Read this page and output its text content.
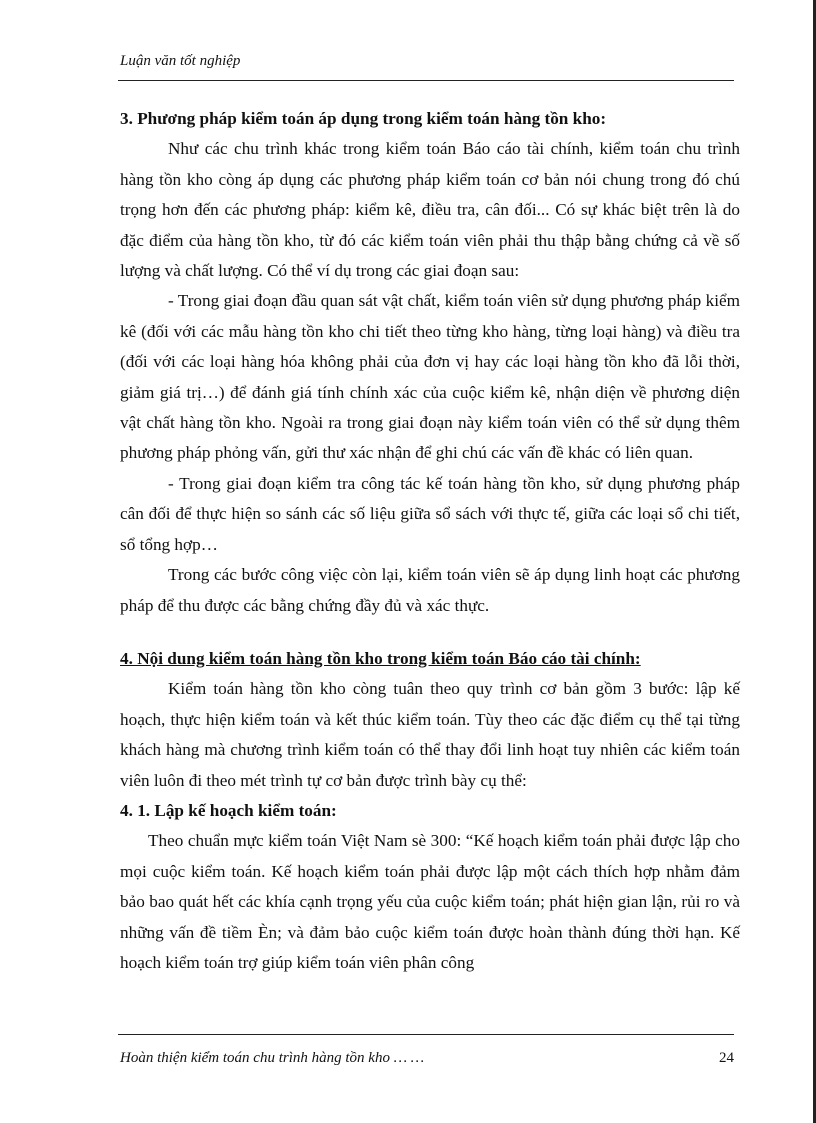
Luận văn tốt nghiệp

3. Phương pháp kiểm toán áp dụng trong kiểm toán hàng tồn kho:

Như các chu trình khác trong kiểm toán Báo cáo tài chính, kiểm toán chu trình hàng tồn kho còng áp dụng các phương pháp kiểm toán cơ bản nói chung trong đó chú trọng hơn đến các phương pháp: kiểm kê, điều tra, cân đối... Có sự khác biệt trên là do đặc điểm của hàng tồn kho, từ đó các kiểm toán viên phải thu thập bằng chứng cả về số lượng và chất lượng. Có thể ví dụ trong các giai đoạn sau:

- Trong giai đoạn đầu quan sát vật chất, kiểm toán viên sử dụng phương pháp kiểm kê (đối với các mẫu hàng tồn kho chi tiết theo từng kho hàng, từng loại hàng) và điều tra (đối với các loại hàng hóa không phải của đơn vị hay các loại hàng tồn kho đã lỗi thời, giảm giá trị…) để đánh giá tính chính xác của cuộc kiểm kê, nhận diện về phương diện vật chất hàng tồn kho. Ngoài ra trong giai đoạn này kiểm toán viên có thể sử dụng thêm phương pháp phỏng vấn, gửi thư xác nhận để ghi chú các vấn đề khác có liên quan.

- Trong giai đoạn kiểm tra công tác kế toán hàng tồn kho, sử dụng phương pháp cân đối để thực hiện so sánh các số liệu giữa sổ sách với thực tế, giữa các loại sổ chi tiết, sổ tổng hợp…

Trong các bước công việc còn lại, kiểm toán viên sẽ áp dụng linh hoạt các phương pháp để thu được các bằng chứng đầy đủ và xác thực.

4. Nội dung kiểm toán hàng tồn kho trong kiểm toán Báo cáo tài chính:

Kiểm toán hàng tồn kho còng tuân theo quy trình cơ bản gồm 3 bước: lập kế hoạch, thực hiện kiểm toán và kết thúc kiểm toán. Tùy theo các đặc điểm cụ thể tại từng khách hàng mà chương trình kiểm toán có thể thay đổi linh hoạt tuy nhiên các kiểm toán viên luôn đi theo mét trình tự cơ bản được trình bày cụ thể:

4. 1. Lập kế hoạch kiểm toán:

Theo chuẩn mực kiểm toán Việt Nam sè 300: “Kế hoạch kiểm toán phải được lập cho mọi cuộc kiểm toán. Kế hoạch kiểm toán phải được lập một cách thích hợp nhằm đảm bảo bao quát hết các khía cạnh trọng yếu của cuộc kiểm toán; phát hiện gian lận, rủi ro và những vấn đề tiềm Èn; và đảm bảo cuộc kiểm toán được hoàn thành đúng thời hạn. Kế hoạch kiểm toán trợ giúp kiểm toán viên phân công

Hoàn thiện kiểm toán chu trình hàng tồn kho … …	24
